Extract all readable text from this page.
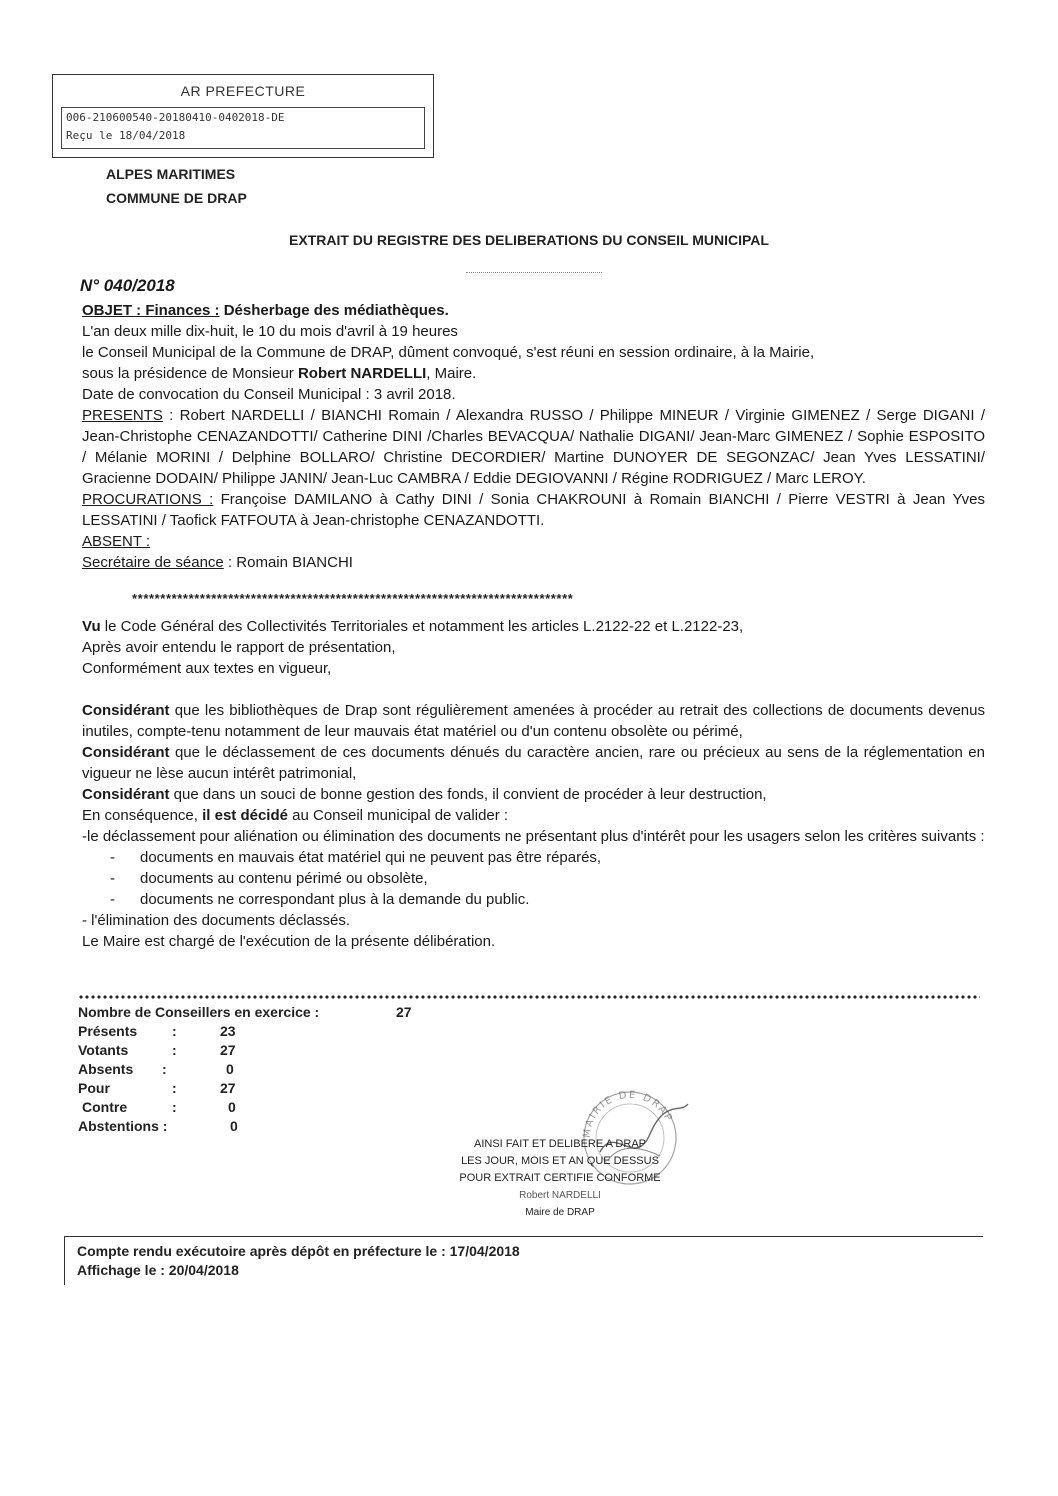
AR PREFECTURE
006-210600540-20180410-0402018-DE
Reçu le 18/04/2018
ALPES MARITIMES
COMMUNE DE DRAP
EXTRAIT DU REGISTRE DES DELIBERATIONS DU CONSEIL MUNICIPAL
N° 040/2018

OBJET : Finances : Désherbage des médiathèques.

L'an deux mille dix-huit, le 10 du mois d'avril à 19 heures

le Conseil Municipal de la Commune de DRAP, dûment convoqué, s'est réuni en session ordinaire, à la Mairie,

sous la présidence de Monsieur Robert NARDELLI, Maire.

Date de convocation du Conseil Municipal : 3 avril 2018.

PRESENTS : Robert NARDELLI / BIANCHI Romain / Alexandra RUSSO / Philippe MINEUR / Virginie GIMENEZ / Serge DIGANI / Jean-Christophe CENAZANDOTTI/ Catherine DINI /Charles BEVACQUA/ Nathalie DIGANI/ Jean-Marc GIMENEZ / Sophie ESPOSITO / Mélanie MORINI / Delphine BOLLARO/ Christine DECORDIER/ Martine DUNOYER DE SEGONZAC/ Jean Yves LESSATINI/ Gracienne DODAIN/ Philippe JANIN/ Jean-Luc CAMBRA / Eddie DEGIOVANNI / Régine RODRIGUEZ / Marc LEROY.

PROCURATIONS : Françoise DAMILANO à Cathy DINI / Sonia CHAKROUNI à Romain BIANCHI / Pierre VESTRI à Jean Yves LESSATINI / Taofick FATFOUTA à Jean-christophe CENAZANDOTTI.

ABSENT :

Secrétaire de séance : Romain BIANCHI

******************************************************************************

Vu le Code Général des Collectivités Territoriales et notamment les articles L.2122-22 et L.2122-23,

Après avoir entendu le rapport de présentation,

Conformément aux textes en vigueur,

Considérant que les bibliothèques de Drap sont régulièrement amenées à procéder au retrait des collections de documents devenus inutiles, compte-tenu notamment de leur mauvais état matériel ou d'un contenu obsolète ou périmé,

Considérant que le déclassement de ces documents dénués du caractère ancien, rare ou précieux au sens de la réglementation en vigueur ne lèse aucun intérêt patrimonial,

Considérant que dans un souci de bonne gestion des fonds, il convient de procéder à leur destruction,

En conséquence, il est décidé au Conseil municipal de valider :

-le déclassement pour aliénation ou élimination des documents ne présentant plus d'intérêt pour les usagers selon les critères suivants :

- documents en mauvais état matériel qui ne peuvent pas être réparés,
- documents au contenu périmé ou obsolète,
- documents ne correspondant plus à la demande du public.

- l'élimination des documents déclassés.

Le Maire est chargé de l'exécution de la présente délibération.

Nombre de Conseillers en exercice :	27
Présents :	23
Votants	:	27
Absents :	0
Pour	:	27
Contre	:	0
Abstentions :	0	MAIRIE DE DRAP
AINSI FAIT ET DELIBERE A DRAP
LES JOUR, MOIS ET AN QUE DESSUS
POUR EXTRAIT CERTIFIE CONFORME
Robert NARDELLI
Maire de DRAP
Compte rendu exécutoire après dépôt en préfecture le : 17/04/2018
Affichage le : 20/04/2018
